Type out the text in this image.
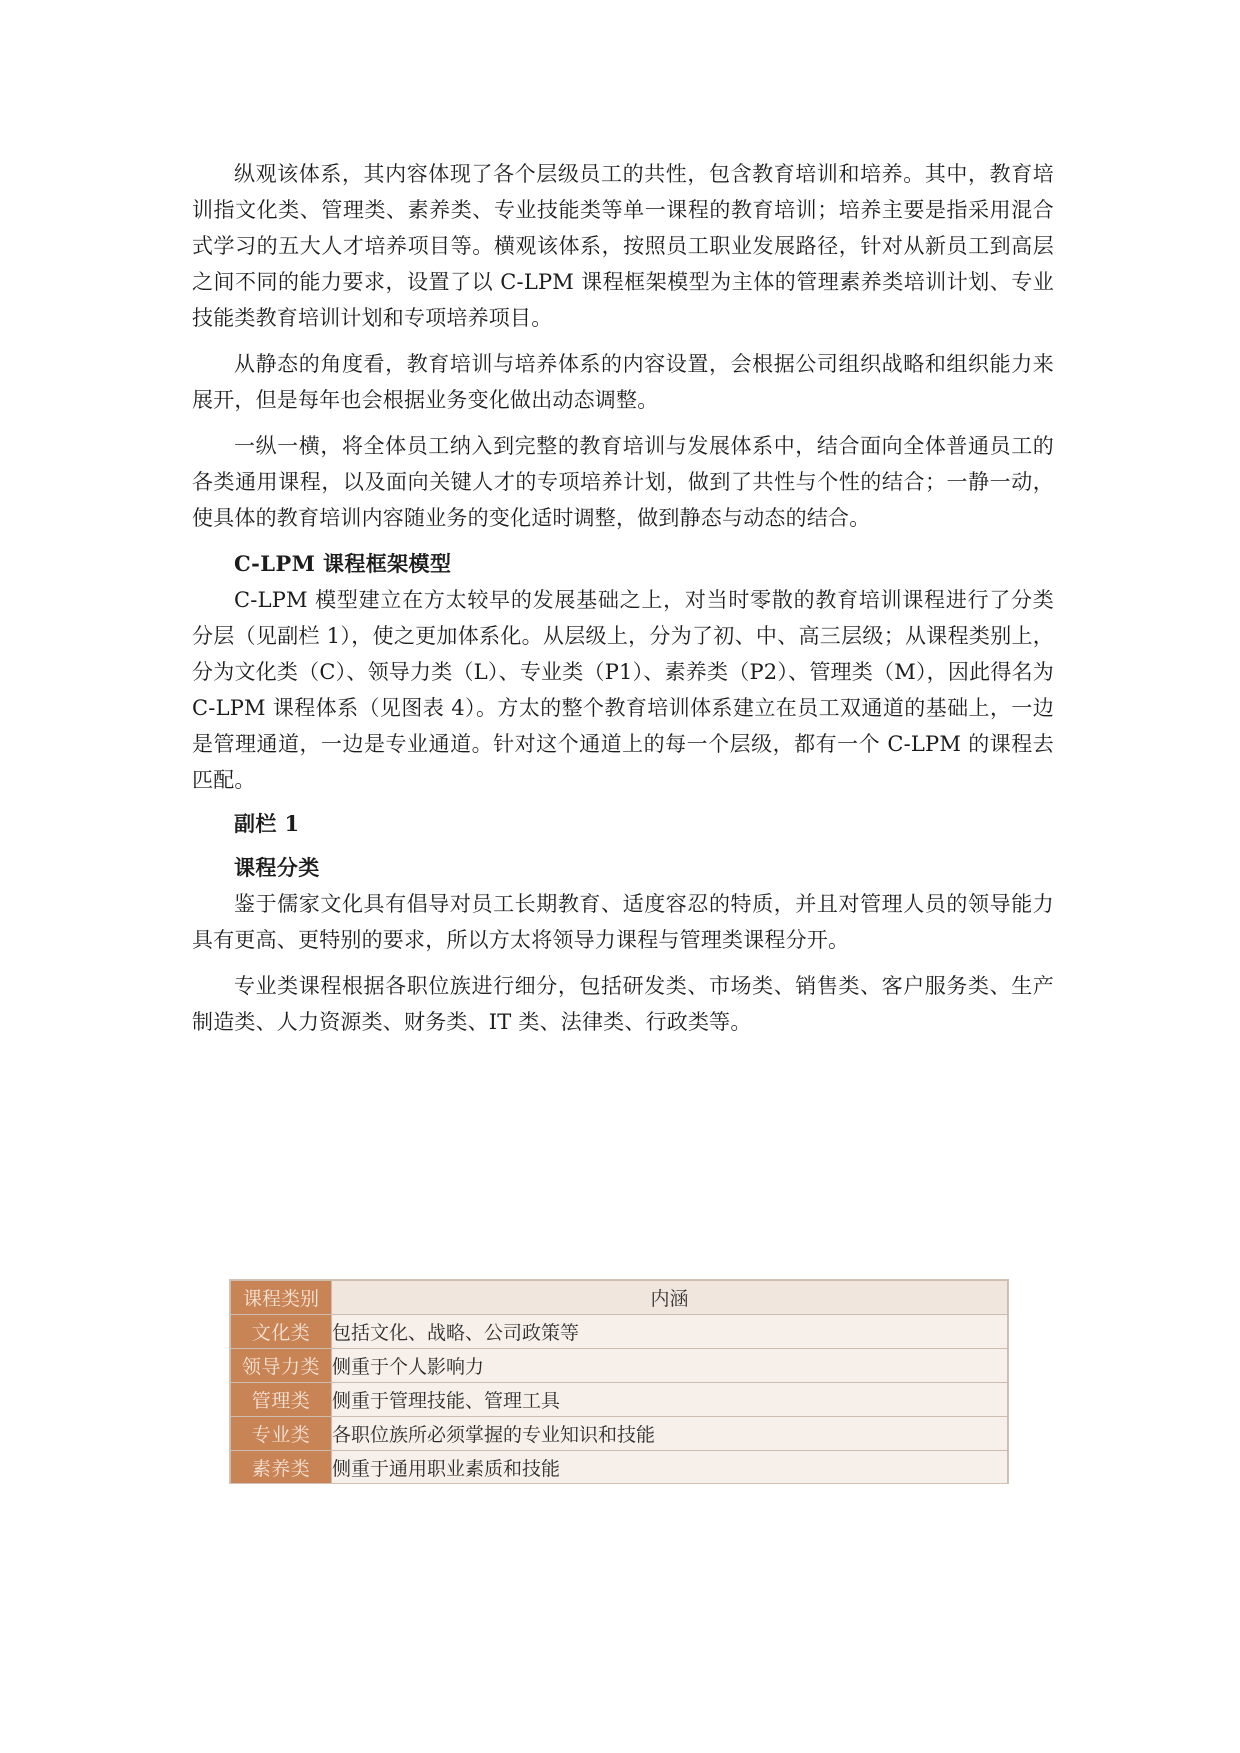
纵观该体系，其内容体现了各个层级员工的共性，包含教育培训和培养。其中，教育培训指文化类、管理类、素养类、专业技能类等单一课程的教育培训；培养主要是指采用混合式学习的五大人才培养项目等。横观该体系，按照员工职业发展路径，针对从新员工到高层之间不同的能力要求，设置了以 C-LPM 课程框架模型为主体的管理素养类培训计划、专业技能类教育培训计划和专项培养项目。

从静态的角度看，教育培训与培养体系的内容设置，会根据公司组织战略和组织能力来展开，但是每年也会根据业务变化做出动态调整。

一纵一横，将全体员工纳入到完整的教育培训与发展体系中，结合面向全体普通员工的各类通用课程，以及面向关键人才的专项培养计划，做到了共性与个性的结合；一静一动，使具体的教育培训内容随业务的变化适时调整，做到静态与动态的结合。

C-LPM 课程框架模型

C-LPM 模型建立在方太较早的发展基础之上，对当时零散的教育培训课程进行了分类分层（见副栏 1），使之更加体系化。从层级上，分为了初、中、高三层级；从课程类别上，分为文化类（C）、领导力类（L）、专业类（P1）、素养类（P2）、管理类（M），因此得名为 C-LPM 课程体系（见图表 4）。方太的整个教育培训体系建立在员工双通道的基础上，一边是管理通道，一边是专业通道。针对这个通道上的每一个层级，都有一个 C-LPM 的课程去匹配。

副栏 1
课程分类

鉴于儒家文化具有倡导对员工长期教育、适度容忍的特质，并且对管理人员的领导能力具有更高、更特别的要求，所以方太将领导力课程与管理类课程分开。

专业类课程根据各职位族进行细分，包括研发类、市场类、销售类、客户服务类、生产制造类、人力资源类、财务类、IT 类、法律类、行政类等。

课程类别	内涵
文化类	包括文化、战略、公司政策等
领导力类	侧重于个人影响力
管理类	侧重于管理技能、管理工具
专业类	各职位族所必须掌握的专业知识和技能
素养类	侧重于通用职业素质和技能
